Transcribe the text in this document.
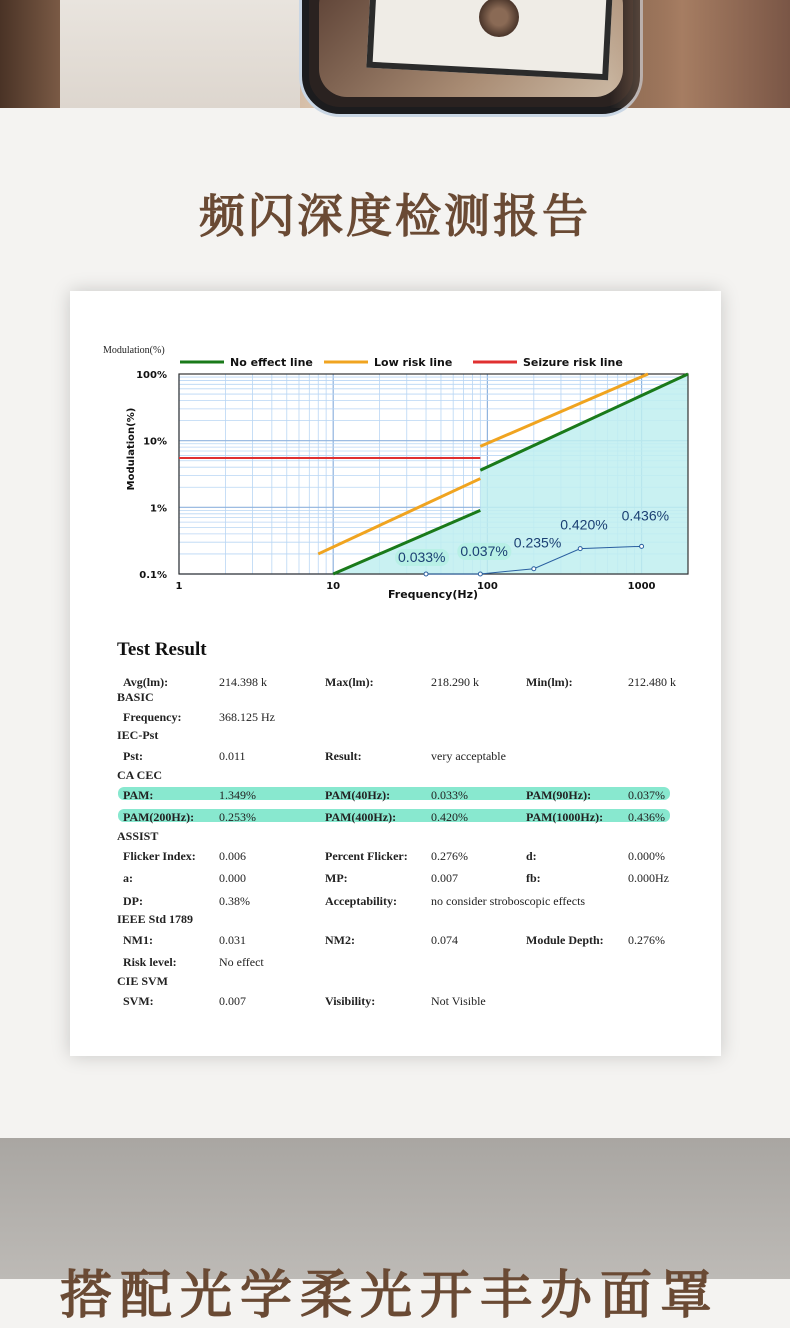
频闪深度检测报告
Modulation(%)
Modulation(%)
Frequency(Hz)
0.033% 0.037%
0.235%
0.420%
0.436%
1	10	100	1000
0.1%
1%
10%
100%
No effect line	Low risk line	Seizure risk line
Test Result
Avg(lm):	214.398 k	Max(lm):	218.290 k	Min(lm):	212.480 k
BASIC
Frequency:	368.125 Hz
IEC-Pst
Pst:	0.011	Result:	very acceptable
CA CEC
PAM:	1.349%	PAM(40Hz):	0.033%	PAM(90Hz):	0.037%
PAM(200Hz): 0.253%	PAM(400Hz):	0.420%	PAM(1000Hz): 0.436%
ASSIST
Flicker Index: 0.006	Percent Flicker: 0.276%	d:	0.000%
a:	0.000	MP:	0.007	fb:	0.000Hz
DP:	0.38%	Acceptability:	no consider stroboscopic effects
IEEE Std 1789
NM1:	0.031	NM2:	0.074	Module Depth: 0.276%
Risk level:	No effect
CIE SVM
SVM:	0.007	Visibility:	Not Visible
搭配光学柔光开丰办面罩
